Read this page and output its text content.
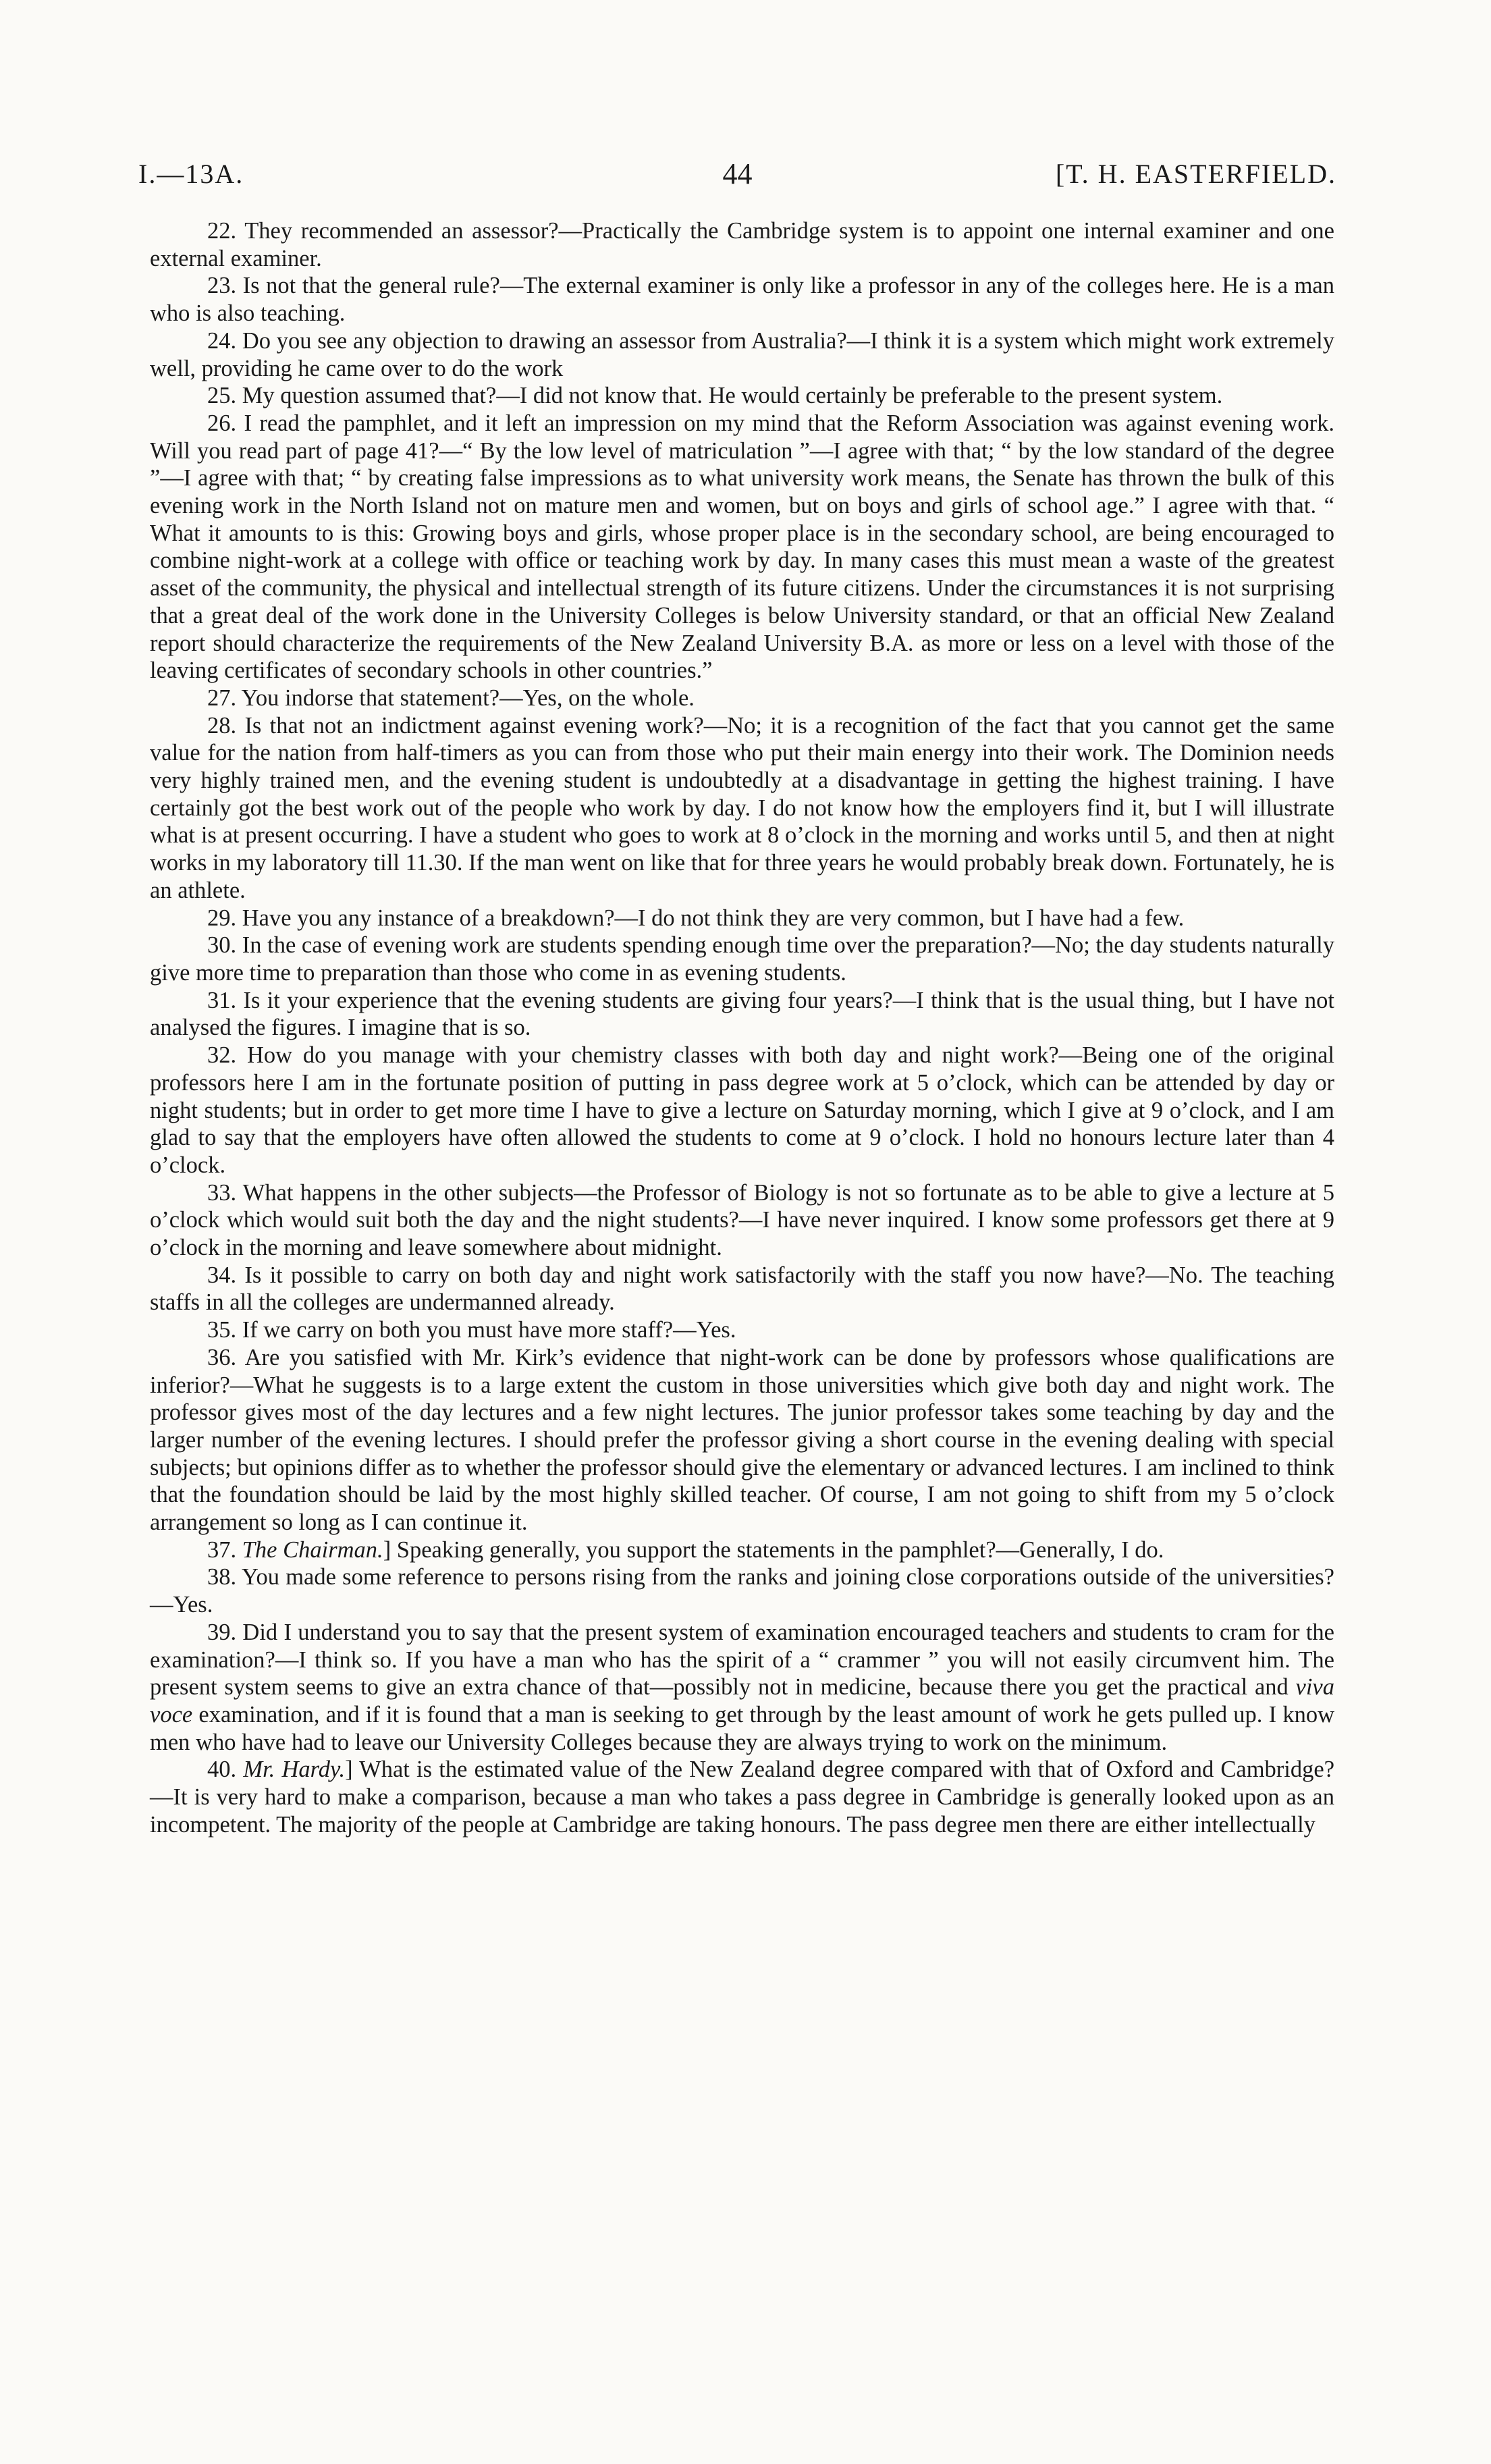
I.—13A.	44	[T. H. EASTERFIELD.

22. They recommended an assessor?—Practically the Cambridge system is to appoint one internal examiner and one external examiner.

23. Is not that the general rule?—The external examiner is only like a professor in any of the colleges here. He is a man who is also teaching.

24. Do you see any objection to drawing an assessor from Australia?—I think it is a system which might work extremely well, providing he came over to do the work

25. My question assumed that?—I did not know that. He would certainly be preferable to the present system.

26. I read the pamphlet, and it left an impression on my mind that the Reform Association was against evening work. Will you read part of page 41?—“ By the low level of matriculation ”—I agree with that; “ by the low standard of the degree ”—I agree with that; “ by creating false impressions as to what university work means, the Senate has thrown the bulk of this evening work in the North Island not on mature men and women, but on boys and girls of school age.” I agree with that. “ What it amounts to is this: Growing boys and girls, whose proper place is in the secondary school, are being encouraged to combine night-work at a college with office or teaching work by day. In many cases this must mean a waste of the greatest asset of the community, the physical and intellectual strength of its future citizens. Under the circumstances it is not surprising that a great deal of the work done in the University Colleges is below University standard, or that an official New Zealand report should characterize the requirements of the New Zealand University B.A. as more or less on a level with those of the leaving certificates of secondary schools in other countries.”

27. You indorse that statement?—Yes, on the whole.

28. Is that not an indictment against evening work?—No; it is a recognition of the fact that you cannot get the same value for the nation from half-timers as you can from those who put their main energy into their work. The Dominion needs very highly trained men, and the evening student is undoubtedly at a disadvantage in getting the highest training. I have certainly got the best work out of the people who work by day. I do not know how the employers find it, but I will illustrate what is at present occurring. I have a student who goes to work at 8 o’clock in the morning and works until 5, and then at night works in my laboratory till 11.30. If the man went on like that for three years he would probably break down. Fortunately, he is an athlete.

29. Have you any instance of a breakdown?—I do not think they are very common, but I have had a few.

30. In the case of evening work are students spending enough time over the preparation?—No; the day students naturally give more time to preparation than those who come in as evening students.

31. Is it your experience that the evening students are giving four years?—I think that is the usual thing, but I have not analysed the figures. I imagine that is so.

32. How do you manage with your chemistry classes with both day and night work?—Being one of the original professors here I am in the fortunate position of putting in pass degree work at 5 o’clock, which can be attended by day or night students; but in order to get more time I have to give a lecture on Saturday morning, which I give at 9 o’clock, and I am glad to say that the employers have often allowed the students to come at 9 o’clock. I hold no honours lecture later than 4 o’clock.

33. What happens in the other subjects—the Professor of Biology is not so fortunate as to be able to give a lecture at 5 o’clock which would suit both the day and the night students?—I have never inquired. I know some professors get there at 9 o’clock in the morning and leave somewhere about midnight.

34. Is it possible to carry on both day and night work satisfactorily with the staff you now have?—No. The teaching staffs in all the colleges are undermanned already.

35. If we carry on both you must have more staff?—Yes.

36. Are you satisfied with Mr. Kirk’s evidence that night-work can be done by professors whose qualifications are inferior?—What he suggests is to a large extent the custom in those universities which give both day and night work. The professor gives most of the day lectures and a few night lectures. The junior professor takes some teaching by day and the larger number of the evening lectures. I should prefer the professor giving a short course in the evening dealing with special subjects; but opinions differ as to whether the professor should give the elementary or advanced lectures. I am inclined to think that the foundation should be laid by the most highly skilled teacher. Of course, I am not going to shift from my 5 o’clock arrangement so long as I can continue it.

37. The Chairman.] Speaking generally, you support the statements in the pamphlet?—Generally, I do.

38. You made some reference to persons rising from the ranks and joining close corporations outside of the universities?—Yes.

39. Did I understand you to say that the present system of examination encouraged teachers and students to cram for the examination?—I think so. If you have a man who has the spirit of a “ crammer ” you will not easily circumvent him. The present system seems to give an extra chance of that—possibly not in medicine, because there you get the practical and viva voce examination, and if it is found that a man is seeking to get through by the least amount of work he gets pulled up. I know men who have had to leave our University Colleges because they are always trying to work on the minimum.

40. Mr. Hardy.] What is the estimated value of the New Zealand degree compared with that of Oxford and Cambridge?—It is very hard to make a comparison, because a man who takes a pass degree in Cambridge is generally looked upon as an incompetent. The majority of the people at Cambridge are taking honours. The pass degree men there are either intellectually
